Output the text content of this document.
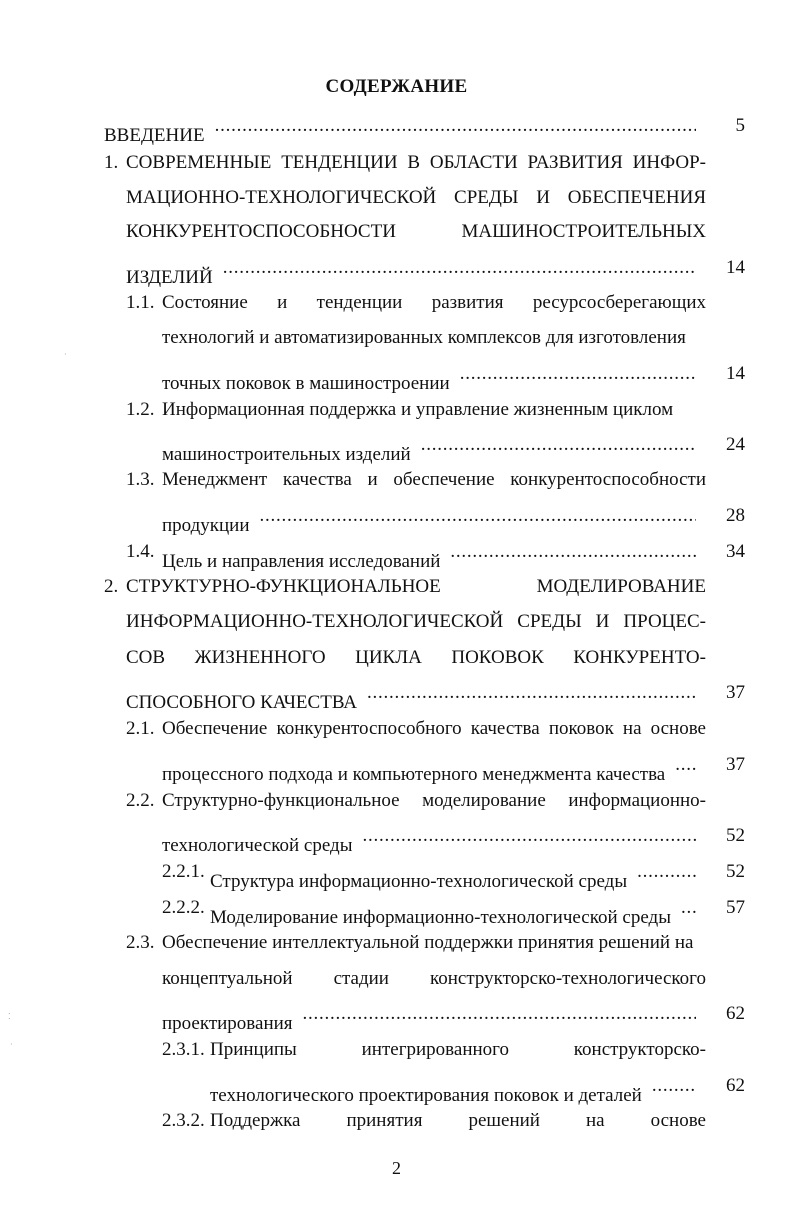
СОДЕРЖАНИЕ
ВВЕДЕНИЕ . . .	5
1. СОВРЕМЕННЫЕ ТЕНДЕНЦИИ В ОБЛАСТИ РАЗВИТИЯ ИНФОР-
МАЦИОННО-ТЕХНОЛОГИЧЕСКОЙ СРЕДЫ И ОБЕСПЕЧЕНИЯ
КОНКУРЕНТОСПОСОБНОСТИ МАШИНОСТРОИТЕЛЬНЫХ
ИЗДЕЛИЙ . . .	14
1.1. Состояние и тенденции развития ресурсосберегающих
технологий и автоматизированных комплексов для изготовления
точных поковок в машиностроении . . .	14
1.2. Информационная поддержка и управление жизненным циклом
машиностроительных изделий . . .	24
1.3. Менеджмент качества и обеспечение конкурентоспособности
продукции . . .	28
1.4. Цель и направления исследований . . .	34
2. СТРУКТУРНО-ФУНКЦИОНАЛЬНОЕ МОДЕЛИРОВАНИЕ
ИНФОРМАЦИОННО-ТЕХНОЛОГИЧЕСКОЙ СРЕДЫ И ПРОЦЕС-
СОВ ЖИЗНЕННОГО ЦИКЛА ПОКОВОК КОНКУРЕНТО-
СПОСОБНОГО КАЧЕСТВА . . .	37
2.1. Обеспечение конкурентоспособного качества поковок на основе
процессного подхода и компьютерного менеджмента качества . . .	37
2.2. Структурно-функциональное моделирование информационно-
технологической среды . . .	52
2.2.1. Структура информационно-технологической среды . . .	52
2.2.2. Моделирование информационно-технологической среды . . .	57
2.3. Обеспечение интеллектуальной поддержки принятия решений на
концептуальной стадии конструкторско-технологического
проектирования . . .	62
2.3.1. Принципы интегрированного конструкторско-
технологического проектирования поковок и деталей . . .	62
2.3.2. Поддержка принятия решений на основе
2
⁚
·
·
